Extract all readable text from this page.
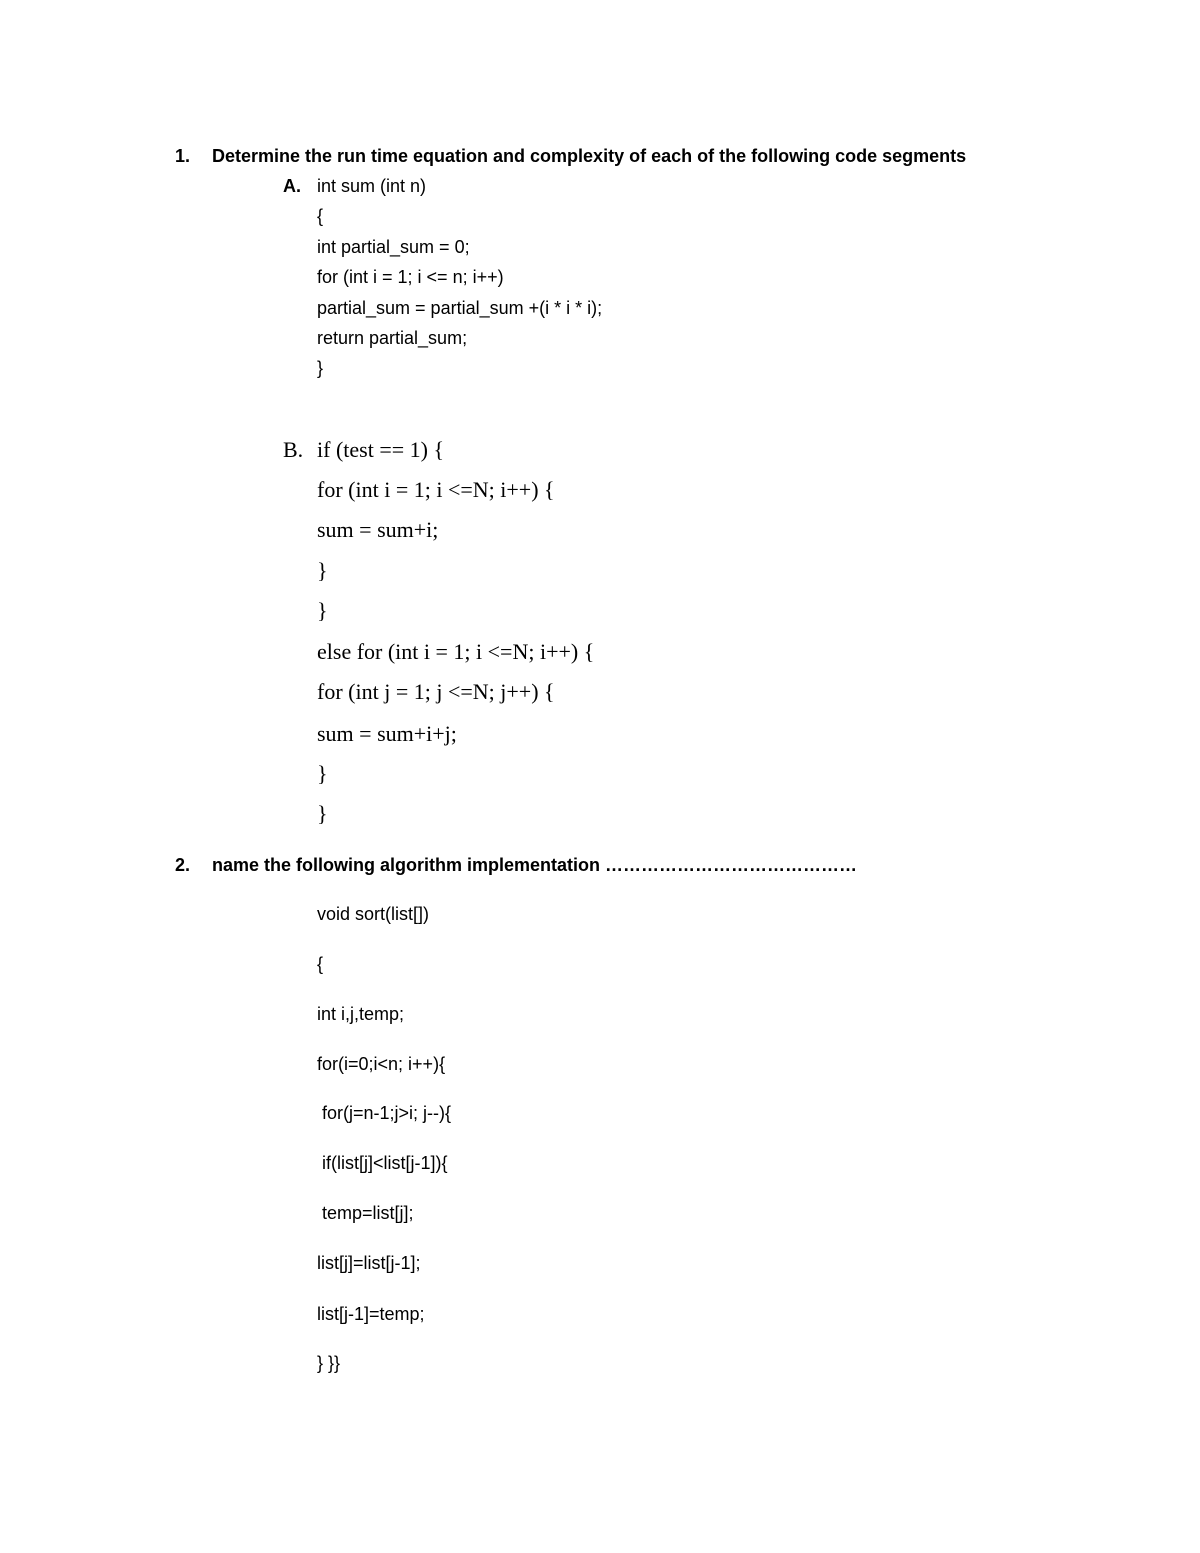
1. Determine the run time equation and complexity of each of the following code segments
A. int sum (int n)
{
int partial_sum = 0;
for (int i = 1; i <= n; i++)
partial_sum = partial_sum +(i * i * i);
return partial_sum;
}
B. if (test == 1) {
for (int i = 1; i <=N; i++) {
sum = sum+i;
}
}
else for (int i = 1; i <=N; i++) {
for (int j = 1; j <=N; j++) {
sum = sum+i+j;
}
}
2. name the following algorithm implementation ……………………………………
void sort(list[])
{
int i,j,temp;
for(i=0;i<n; i++){
for(j=n-1;j>i; j--){
if(list[j]<list[j-1]){
temp=list[j];
list[j]=list[j-1];
list[j-1]=temp;
} }}
